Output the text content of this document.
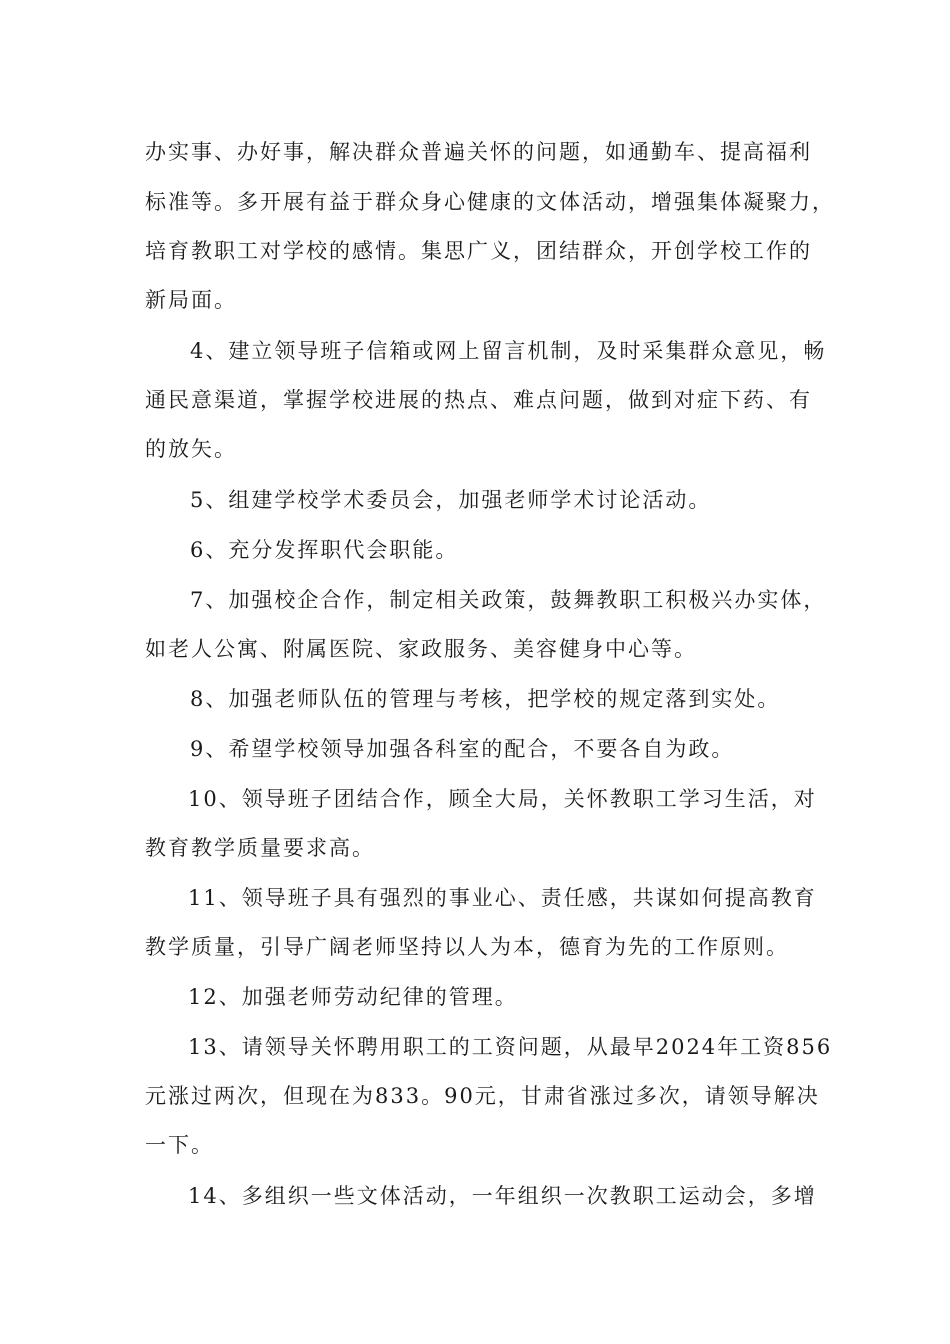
办实事、办好事，解决群众普遍关怀的问题，如通勤车、提高福利
标准等。多开展有益于群众身心健康的文体活动，增强集体凝聚力，
培育教职工对学校的感情。集思广义，团结群众，开创学校工作的
新局面。
4、建立领导班子信箱或网上留言机制，及时采集群众意见，畅
通民意渠道，掌握学校进展的热点、难点问题，做到对症下药、有
的放矢。
5、组建学校学术委员会，加强老师学术讨论活动。
6、充分发挥职代会职能。
7、加强校企合作，制定相关政策，鼓舞教职工积极兴办实体，
如老人公寓、附属医院、家政服务、美容健身中心等。
8、加强老师队伍的管理与考核，把学校的规定落到实处。
9、希望学校领导加强各科室的配合，不要各自为政。
10、领导班子团结合作，顾全大局，关怀教职工学习生活，对
教育教学质量要求高。
11、领导班子具有强烈的事业心、责任感，共谋如何提高教育
教学质量，引导广阔老师坚持以人为本，德育为先的工作原则。
12、加强老师劳动纪律的管理。
13、请领导关怀聘用职工的工资问题，从最早2024年工资856
元涨过两次，但现在为833。90元，甘肃省涨过多次，请领导解决
一下。
14、多组织一些文体活动，一年组织一次教职工运动会，多增
